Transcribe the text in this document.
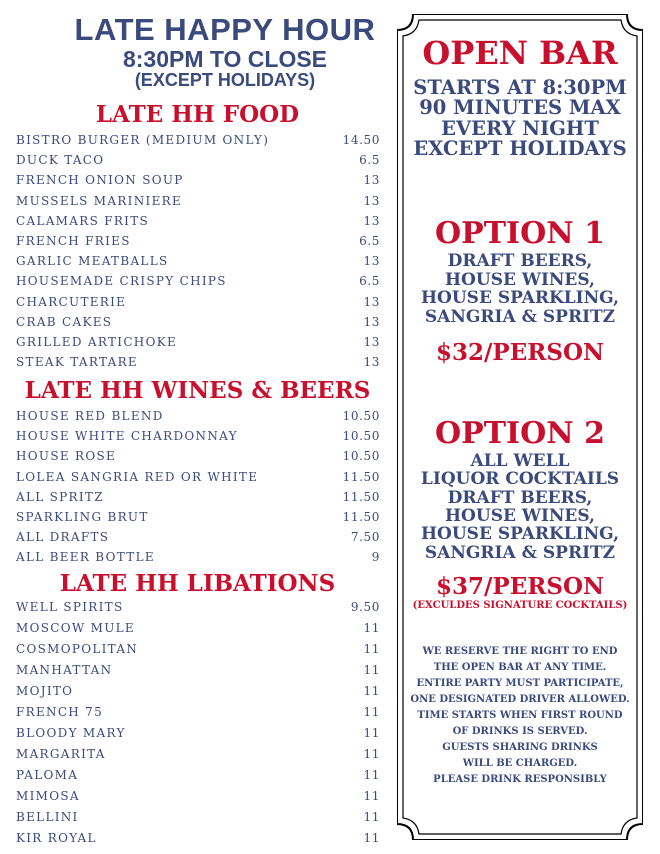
LATE HAPPY HOUR
8:30PM TO CLOSE
(EXCEPT HOLIDAYS)
LATE HH FOOD
BISTRO BURGER (MEDIUM ONLY)	14.50
DUCK TACO	6.5
FRENCH ONION SOUP	13
MUSSELS MARINIERE	13
CALAMARS FRITS	13
FRENCH FRIES	6.5
GARLIC MEATBALLS	13
HOUSEMADE CRISPY CHIPS	6.5
CHARCUTERIE	13
CRAB CAKES	13
GRILLED ARTICHOKE	13
STEAK TARTARE	13
LATE HH WINES & BEERS
HOUSE RED BLEND	10.50
HOUSE WHITE CHARDONNAY	10.50
HOUSE ROSE	10.50
LOLEA SANGRIA RED OR WHITE	11.50
ALL SPRITZ	11.50
SPARKLING BRUT	11.50
ALL DRAFTS	7.50
ALL BEER BOTTLE	9
LATE HH LIBATIONS
WELL SPIRITS	9.50
MOSCOW MULE	11
COSMOPOLITAN	11
MANHATTAN	11
MOJITO	11
FRENCH 75	11
BLOODY MARY	11
MARGARITA	11
PALOMA	11
MIMOSA	11
BELLINI	11
KIR ROYAL	11
OPEN BAR
STARTS AT 8:30PM
90 MINUTES MAX
EVERY NIGHT
EXCEPT HOLIDAYS
OPTION 1
DRAFT BEERS,
HOUSE WINES,
HOUSE SPARKLING,
SANGRIA & SPRITZ
$32/PERSON
OPTION 2
ALL WELL
LIQUOR COCKTAILS
DRAFT BEERS,
HOUSE WINES,
HOUSE SPARKLING,
SANGRIA & SPRITZ
$37/PERSON
(EXCULDES SIGNATURE COCKTAILS)
WE RESERVE THE RIGHT TO END
THE OPEN BAR AT ANY TIME.
ENTIRE PARTY MUST PARTICIPATE,
ONE DESIGNATED DRIVER ALLOWED.
TIME STARTS WHEN FIRST ROUND
OF DRINKS IS SERVED.
GUESTS SHARING DRINKS
WILL BE CHARGED.
PLEASE DRINK RESPONSIBLY
